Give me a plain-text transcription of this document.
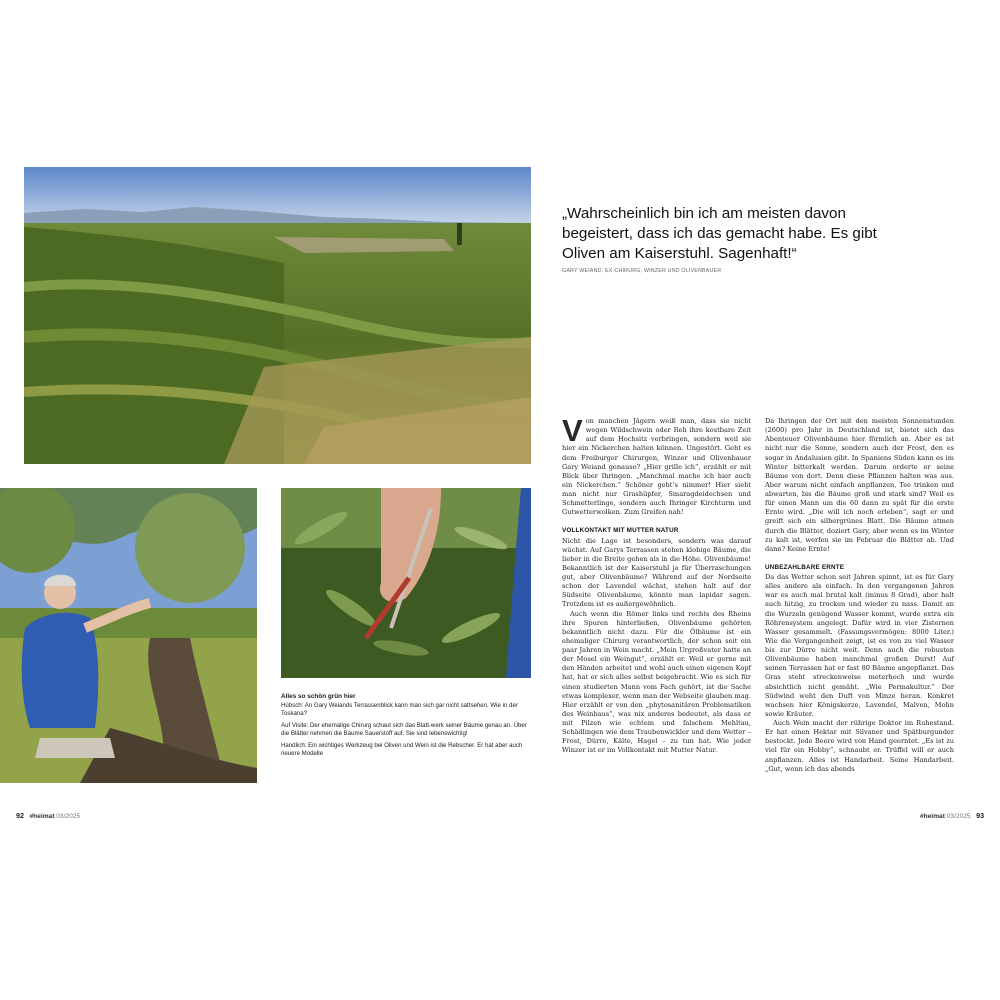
„Wahrscheinlich bin ich am meisten davon begeistert, dass ich das gemacht habe. Es gibt Oliven am Kaiserstuhl. Sagenhaft!“
GARY WEIAND, EX-CHIRURG, WINZER UND OLIVENBAUER
Alles so schön grün hier

Hübsch: An Gary Weiands Terrassenblick kann man sich gar nicht sattsehen. Wie in der Toskana?

Auf Visite: Der ehemalige Chirurg schaut sich das Blatt-werk seiner Bäume genau an. Über die Blätter nehmen die Bäume Sauerstoff auf. Sie sind lebenswichtig!

Handlich: Ein wichtiges Werkzeug bei Oliven und Wein ist die Rebscher. Er hat aber auch neuere Modelle

Von manchen Jägern weiß man, dass sie nicht wegen Wildschwein oder Reh ihre kostbare Zeit auf dem Hochsitz verbringen, sondern weil sie hier ein Nickerchen halten können. Ungestört. Geht es dem Freiburger Chirurgen, Winzer und Olivenbauer Gary Weiand genauso? „Hier grille ich“, erzählt er mit Blick über Ihringen. „Manchmal mache ich hier auch ein Nickerchen.“ Schöner geht’s nimmer! Hier sieht man nicht nur Grashüpfer, Smaragdeidechsen und Schmetterlinge, sondern auch Ihringer Kirchturm und Gutwetterwolken. Zum Greifen nah!

VOLLKONTAKT MIT MUTTER NATUR

Nicht die Lage ist besonders, sondern was darauf wächst. Auf Garys Terrassen stehen klobige Bäume, die lieber in die Breite gehen als in die Höhe. Olivenbäume! Bekanntlich ist der Kaiserstuhl ja für Überraschungen gut, aber Olivenbäume? Während auf der Nordseite schon der Lavendel wächst, stehen halt auf der Südseite Olivenbäume, könnte man lapidar sagen. Trotzdem ist es außergewöhnlich.

Auch wenn die Römer links und rechts des Rheins ihre Spuren hinterließen, Olivenbäume gehörten bekanntlich nicht dazu. Für die Ölbäume ist ein ehemaliger Chirurg verantwortlich, der schon seit ein paar Jahren in Wein macht. „Mein Urgroßvater hatte an der Mosel ein Weingut“, erzählt er. Weil er gerne mit den Händen arbeitet und wohl auch einen eigenen Kopf hat, hat er sich alles selbst beigebracht. Wie es sich für einen studierten Mann vom Fach gehört, ist die Sache etwas komplexer, wenn man der Webseite glauben mag. Hier erzählt er von den „phytosanitären Problematiken des Weinbaus“, was nix anderes bedeutet, als dass er mit Pilzen wie echtem und falschem Mehltau, Schädlingen wie dem Traubenwickler und dem Wetter – Frost, Dürre, Kälte, Hagel – zu tun hat. Wie jeder Winzer ist er im Vollkontakt mit Mutter Natur.

Da Ihringen der Ort mit den meisten Sonnenstunden (2600) pro Jahr in Deutschland ist, bietet sich das Abenteuer Olivenbäume hier förmlich an. Aber es ist nicht nur die Sonne, sondern auch der Frost, den es sogar in Andalusien gibt. In Spaniens Süden kann es im Winter bitterkalt werden. Darum orderte er seine Bäume von dort. Denn diese Pflanzen halten was aus. Aber warum nicht einfach anpflanzen, Tee trinken und abwarten, bis die Bäume groß und stark sind? Weil es für einen Mann um die 60 dann zu spät für die erste Ernte wird. „Die will ich noch erleben“, sagt er und greift sich ein silbergrünes Blatt. Die Bäume atmen durch die Blätter, doziert Gary, aber wenn es im Winter zu kalt ist, werfen sie im Februar die Blätter ab. Und dann? Keine Ernte!

UNBEZAHLBARE ERNTE

Da das Wetter schon seit Jahren spinnt, ist es für Gary alles andere als einfach. In den vergangenen Jahren war es auch mal brutal kalt (minus 8 Grad), aber halt auch hitzig, zu trocken und wieder zu nass. Damit an die Wurzeln genügend Wasser kommt, wurde extra ein Röhrensystem angelegt. Dafür wird in vier Zisternen Wasser gesammelt. (Fassungsvermögen: 8000 Liter.) Wie die Vergangenheit zeigt, ist es von zu viel Wasser bis zur Dürre nicht weit. Denn auch die robusten Olivenbäume haben manchmal großen Durst! Auf seinen Terrassen hat er fast 80 Bäume angepflanzt. Das Gras steht streckenweise meterhoch und wurde absichtlich nicht gemäht. „Wie Permakultur.“ Der Südwind weht den Duft von Minze heran. Konkret wachsen hier Königskerze, Lavendel, Malven, Mohn sowie Kräuter.

Auch Wein macht der rührige Doktor im Ruhestand. Er hat einen Hektar mit Silvaner und Spätburgunder bestockt. Jede Beere wird von Hand geerntet. „Es ist zu viel für ein Hobby“, schnaubt er. Trüffel will er auch anpflanzen. Alles ist Handarbeit. Seine Handarbeit. „Gut, wenn ich das abends

92 #heimat 03/2025	#heimat 03/2025 93
